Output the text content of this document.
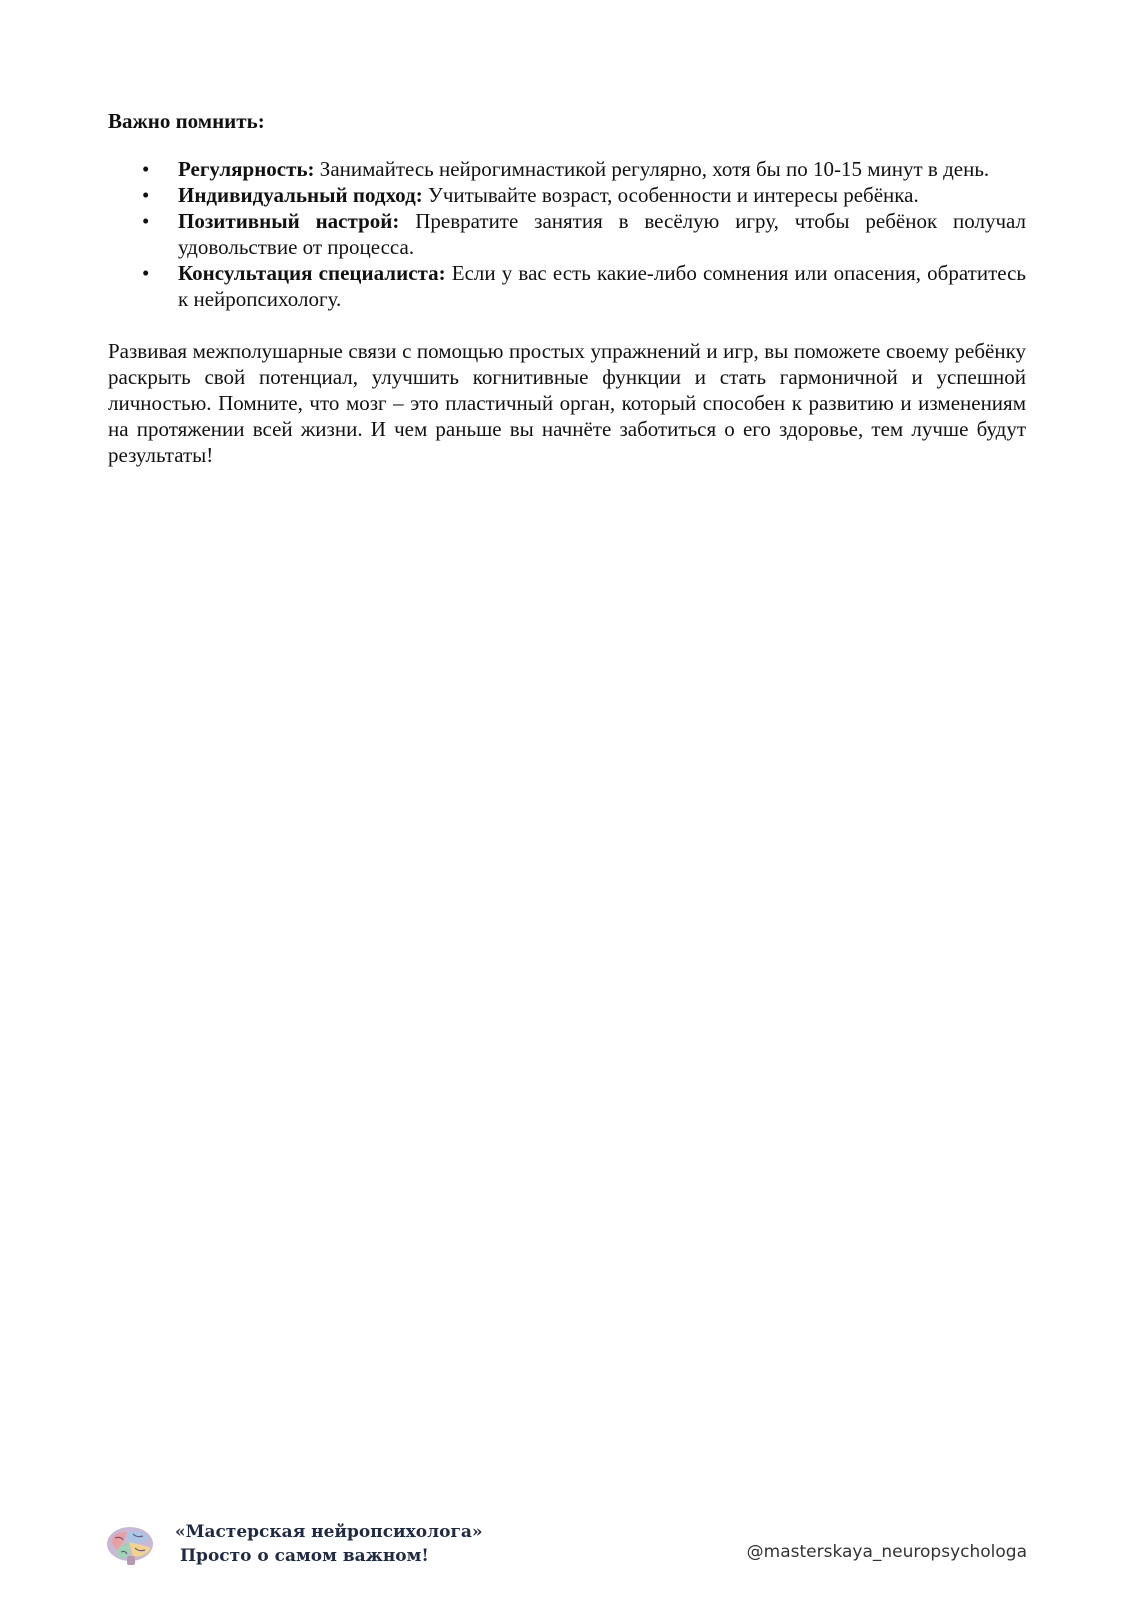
Важно помнить:
• Регулярность: Занимайтесь нейрогимнастикой регулярно, хотя бы по 10-15 минут в день.
• Индивидуальный подход: Учитывайте возраст, особенности и интересы ребёнка.
• Позитивный настрой: Превратите занятия в весёлую игру, чтобы ребёнок получал удовольствие от процесса.
• Консультация специалиста: Если у вас есть какие-либо сомнения или опасения, обратитесь к нейропсихологу.

Развивая межполушарные связи с помощью простых упражнений и игр, вы поможете своему ребёнку раскрыть свой потенциал, улучшить когнитивные функции и стать гармоничной и успешной личностью. Помните, что мозг – это пластичный орган, который способен к развитию и изменениям на протяжении всей жизни. И чем раньше вы начнёте заботиться о его здоровье, тем лучше будут результаты!

«Мастерская нейропсихолога»
Просто о самом важном!	@masterskaya_neuropsychologa
